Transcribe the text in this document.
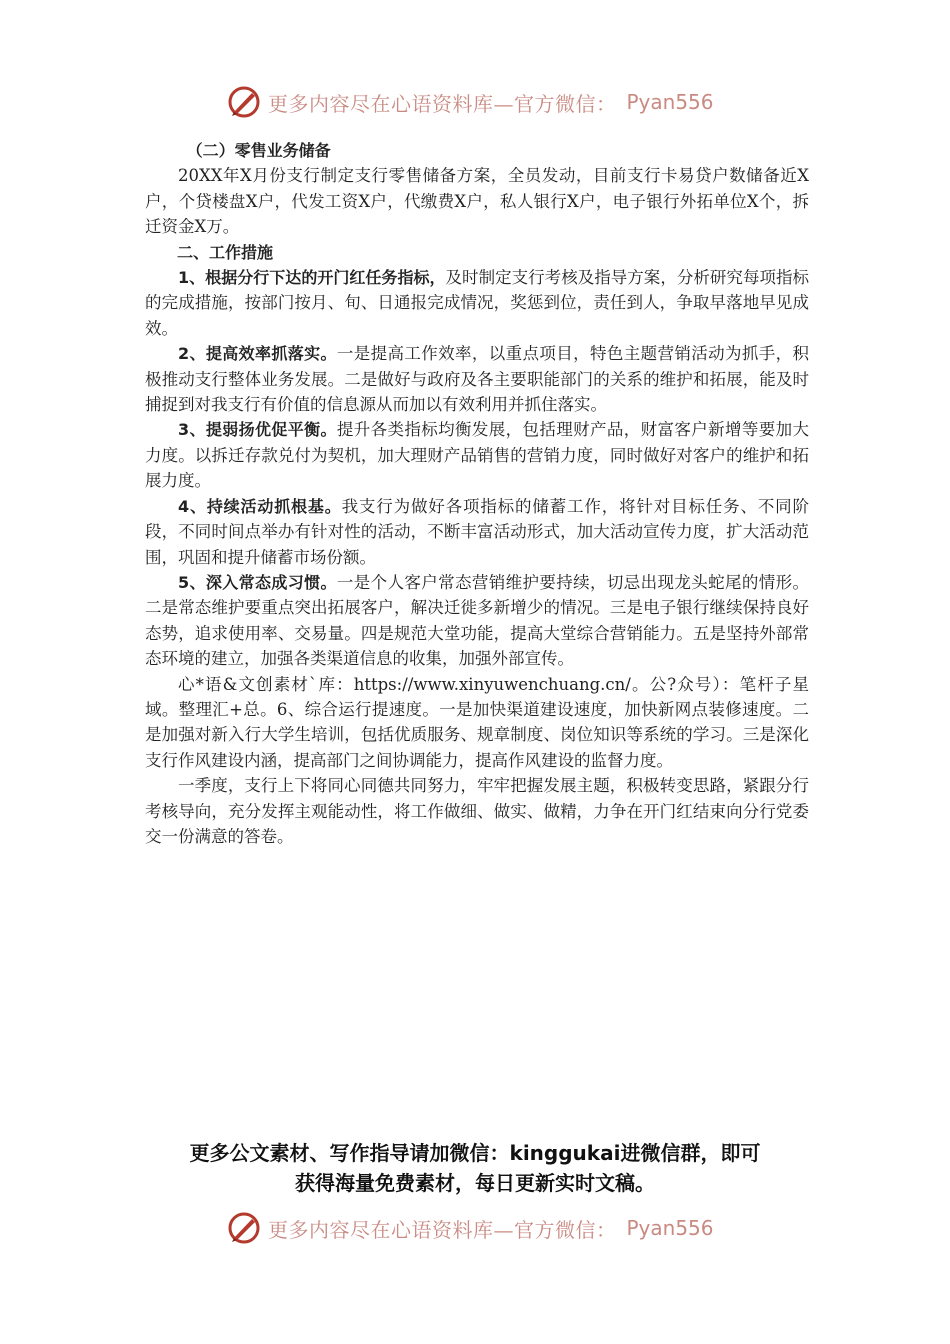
更多内容尽在心语资料库—官方微信： Pyan556

（二）零售业务储备

20XX年X月份支行制定支行零售储备方案，全员发动，目前支行卡易贷户数储备近X户，个贷楼盘X户，代发工资X户，代缴费X户，私人银行X户，电子银行外拓单位X个，拆迁资金X万。

二、工作措施

1、根据分行下达的开门红任务指标，及时制定支行考核及指导方案，分析研究每项指标的完成措施，按部门按月、旬、日通报完成情况，奖惩到位，责任到人，争取早落地早见成效。

2、提高效率抓落实。一是提高工作效率，以重点项目，特色主题营销活动为抓手，积极推动支行整体业务发展。二是做好与政府及各主要职能部门的关系的维护和拓展，能及时捕捉到对我支行有价值的信息源从而加以有效利用并抓住落实。

3、提弱扬优促平衡。提升各类指标均衡发展，包括理财产品，财富客户新增等要加大力度。以拆迁存款兑付为契机，加大理财产品销售的营销力度，同时做好对客户的维护和拓展力度。

4、持续活动抓根基。我支行为做好各项指标的储蓄工作，将针对目标任务、不同阶段，不同时间点举办有针对性的活动，不断丰富活动形式，加大活动宣传力度，扩大活动范围，巩固和提升储蓄市场份额。

5、深入常态成习惯。一是个人客户常态营销维护要持续，切忌出现龙头蛇尾的情形。二是常态维护要重点突出拓展客户，解决迁徙多新增少的情况。三是电子银行继续保持良好态势，追求使用率、交易量。四是规范大堂功能，提高大堂综合营销能力。五是坚持外部常态环境的建立，加强各类渠道信息的收集，加强外部宣传。

心*语&文创素材`库：https://www.xinyuwenchuang.cn/。公?众号）：笔杆子星域。整理汇+总。6、综合运行提速度。一是加快渠道建设速度，加快新网点装修速度。二是加强对新入行大学生培训，包括优质服务、规章制度、岗位知识等系统的学习。三是深化支行作风建设内涵，提高部门之间协调能力，提高作风建设的监督力度。

一季度，支行上下将同心同德共同努力，牢牢把握发展主题，积极转变思路，紧跟分行考核导向，充分发挥主观能动性，将工作做细、做实、做精，力争在开门红结束向分行党委交一份满意的答卷。

更多公文素材、写作指导请加微信：kinggukai进微信群，即可
获得海量免费素材，每日更新实时文稿。
更多内容尽在心语资料库—官方微信： Pyan556
